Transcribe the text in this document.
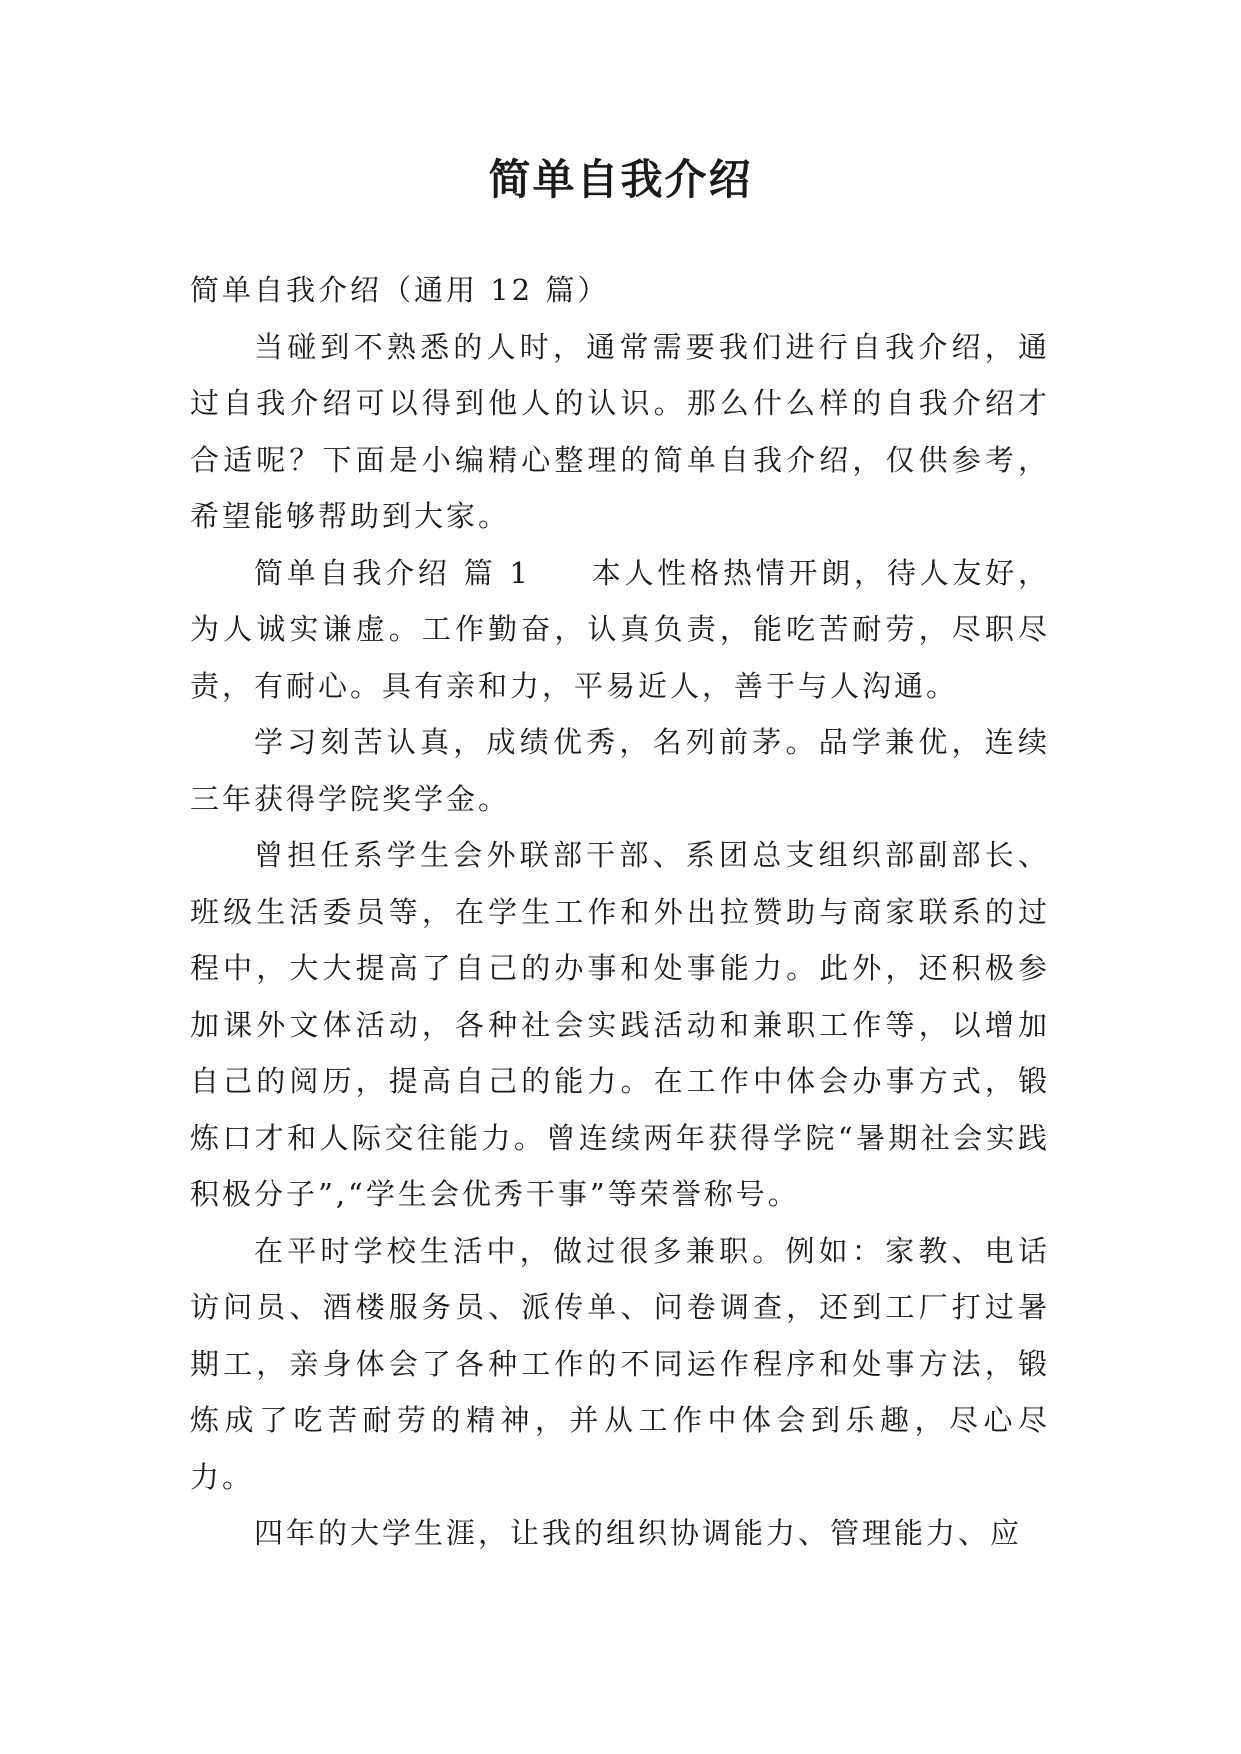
简单自我介绍

简单自我介绍（通用 12 篇）

当碰到不熟悉的人时，通常需要我们进行自我介绍，通过自我介绍可以得到他人的认识。那么什么样的自我介绍才合适呢？下面是小编精心整理的简单自我介绍，仅供参考，希望能够帮助到大家。

简单自我介绍 篇 1 本人性格热情开朗，待人友好，为人诚实谦虚。工作勤奋，认真负责，能吃苦耐劳，尽职尽责，有耐心。具有亲和力，平易近人，善于与人沟通。

学习刻苦认真，成绩优秀，名列前茅。品学兼优，连续三年获得学院奖学金。

曾担任系学生会外联部干部、系团总支组织部副部长、班级生活委员等，在学生工作和外出拉赞助与商家联系的过程中，大大提高了自己的办事和处事能力。此外，还积极参加课外文体活动，各种社会实践活动和兼职工作等，以增加自己的阅历，提高自己的能力。在工作中体会办事方式，锻炼口才和人际交往能力。曾连续两年获得学院“暑期社会实践积极分子”,“学生会优秀干事”等荣誉称号。

在平时学校生活中，做过很多兼职。例如：家教、电话访问员、酒楼服务员、派传单、问卷调查，还到工厂打过暑期工，亲身体会了各种工作的不同运作程序和处事方法，锻炼成了吃苦耐劳的精神，并从工作中体会到乐趣，尽心尽力。

四年的大学生涯，让我的组织协调能力、管理能力、应
